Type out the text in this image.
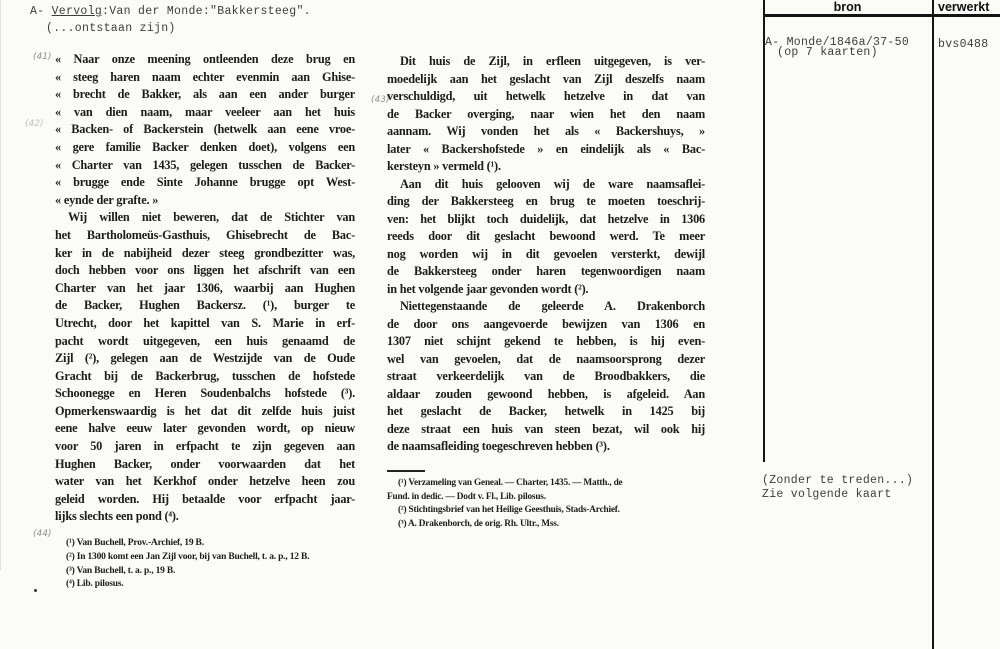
A- Vervolg:Van der Monde:"Bakkersteeg".
(...ontstaan zijn)
(41)
(42)
(43)
(44)
« Naar onze meening ontleenden deze brug en
« steeg haren naam echter evenmin aan Ghise-
« brecht de Bakker, als aan een ander burger
« van dien naam, maar veeleer aan het huis
« Backen- of Backerstein (hetwelk aan eene vroe-
« gere familie Backer denken doet), volgens een
« Charter van 1435, gelegen tusschen de Backer-
« brugge ende Sinte Johanne brugge opt West-
« eynde der grafte. »
Wij willen niet beweren, dat de Stichter van
het Bartholomeüs-Gasthuis, Ghisebrecht de Bac-
ker in de nabijheid dezer steeg grondbezitter was,
doch hebben voor ons liggen het afschrift van een
Charter van het jaar 1306, waarbij aan Hughen
de Backer, Hughen Backersz. (¹), burger te
Utrecht, door het kapittel van S. Marie in erf-
pacht wordt uitgegeven, een huis genaamd de
Zijl (²), gelegen aan de Westzijde van de Oude
Gracht bij de Backerbrug, tusschen de hofstede
Schoonegge en Heren Soudenbalchs hofstede (³).
Opmerkenswaardig is het dat dit zelfde huis juist
eene halve eeuw later gevonden wordt, op nieuw
voor 50 jaren in erfpacht te zijn gegeven aan
Hughen Backer, onder voorwaarden dat het
water van het Kerkhof onder hetzelve heen zou
geleid worden. Hij betaalde voor erfpacht jaar-
lijks slechts een pond (⁴).
(¹) Van Buchell, Prov.-Archief, 19 B.
(²) In 1300 komt een Jan Zijl voor, bij van Buchell, t. a. p., 12 B.
(³) Van Buchell, t. a. p., 19 B.
(⁴) Lib. pilosus.
Dit huis de Zijl, in erfleen uitgegeven, is ver-
moedelijk aan het geslacht van Zijl deszelfs naam
verschuldigd, uit hetwelk hetzelve in dat van
de Backer overging, naar wien het den naam
aannam. Wij vonden het als « Backershuys, »
later « Backershofstede » en eindelijk als « Bac-
kersteyn » vermeld (¹).
Aan dit huis gelooven wij de ware naamsaflei-
ding der Bakkersteeg en brug te moeten toeschrij-
ven: het blijkt toch duidelijk, dat hetzelve in 1306
reeds door dit geslacht bewoond werd. Te meer
nog worden wij in dit gevoelen versterkt, dewijl
de Bakkersteeg onder haren tegenwoordigen naam
in het volgende jaar gevonden wordt (²).
Niettegenstaande de geleerde A. Drakenborch
de door ons aangevoerde bewijzen van 1306 en
1307 niet schijnt gekend te hebben, is hij even-
wel van gevoelen, dat de naamsoorsprong dezer
straat verkeerdelijk van de Broodbakkers, die
aldaar zouden gewoond hebben, is afgeleid. Aan
het geslacht de Backer, hetwelk in 1425 bij
deze straat een huis van steen bezat, wil ook hij
de naamsafleiding toegeschreven hebben (³).
(¹) Verzameling van Geneal. — Charter, 1435. — Matth., de
Fund. in dedic. — Dodt v. Fl., Lib. pilosus.
(²) Stichtingsbrief van het Heilige Geesthuis, Stads-Archief.
(³) A. Drakenborch, de orig. Rh. Ultr., Mss.
bron	verwerkt
A- Monde/1846a/37-50
(op 7 kaarten)
bvs0488
(Zonder te treden...)
Zie volgende kaart
